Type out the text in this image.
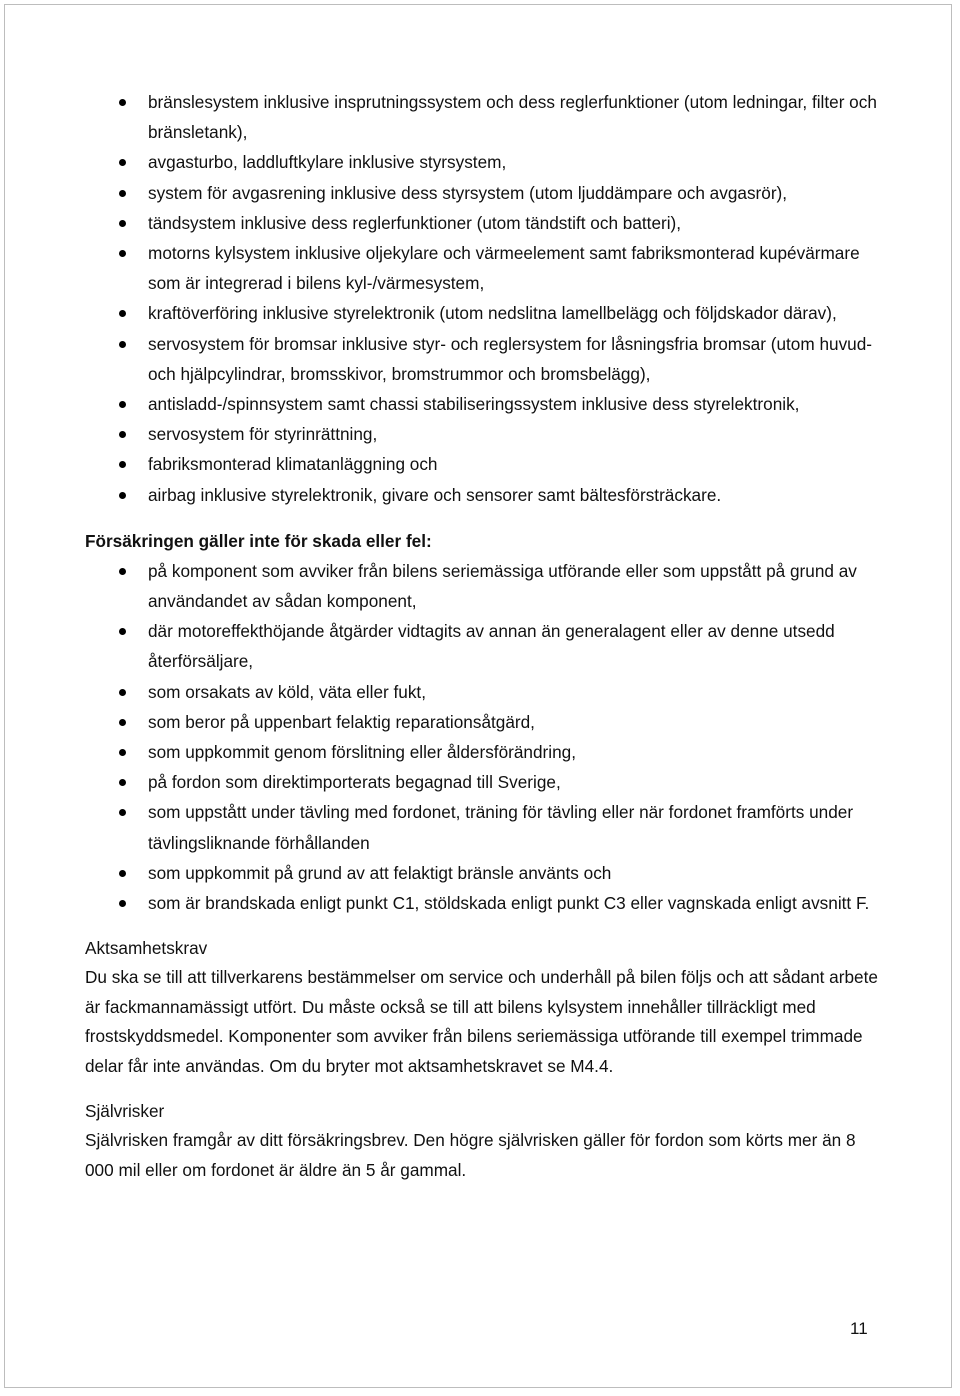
bränslesystem inklusive insprutningssystem och dess reglerfunktioner (utom ledningar, filter och bränsletank),
avgasturbo, laddluftkylare inklusive styrsystem,
system för avgasrening inklusive dess styrsystem (utom ljuddämpare och avgasrör),
tändsystem inklusive dess reglerfunktioner (utom tändstift och batteri),
motorns kylsystem inklusive oljekylare och värmeelement samt fabriksmonterad kupévärmare som är integrerad i bilens kyl-/värmesystem,
kraftöverföring inklusive styrelektronik (utom nedslitna lamellbelägg och följdskador därav),
servosystem för bromsar inklusive styr- och reglersystem for låsningsfria bromsar (utom huvud- och hjälpcylindrar, bromsskivor, bromstrummor och bromsbelägg),
antisladd-/spinnsystem samt chassi stabiliseringssystem inklusive dess styrelektronik,
servosystem för styrinrättning,
fabriksmonterad klimatanläggning och
airbag inklusive styrelektronik, givare och sensorer samt bältesförsträckare.

Försäkringen gäller inte för skada eller fel:

på komponent som avviker från bilens seriemässiga utförande eller som uppstått på grund av användandet av sådan komponent,
där motoreffekthöjande åtgärder vidtagits av annan än generalagent eller av denne utsedd återförsäljare,
som orsakats av köld, väta eller fukt,
som beror på uppenbart felaktig reparationsåtgärd,
som uppkommit genom förslitning eller åldersförändring,
på fordon som direktimporterats begagnad till Sverige,
som uppstått under tävling med fordonet, träning för tävling eller när fordonet framförts under tävlingsliknande förhållanden
som uppkommit på grund av att felaktigt bränsle använts och
som är brandskada enligt punkt C1, stöldskada enligt punkt C3 eller vagnskada enligt avsnitt F.

Aktsamhetskrav

Du ska se till att tillverkarens bestämmelser om service och underhåll på bilen följs och att sådant arbete är fackmannamässigt utfört. Du måste också se till att bilens kylsystem innehåller tillräckligt med frostskyddsmedel. Komponenter som avviker från bilens seriemässiga utförande till exempel trimmade delar får inte användas. Om du bryter mot aktsamhetskravet se M4.4.

Självrisker

Självrisken framgår av ditt försäkringsbrev. Den högre självrisken gäller för fordon som körts mer än 8 000 mil eller om fordonet är äldre än 5 år gammal.

11
